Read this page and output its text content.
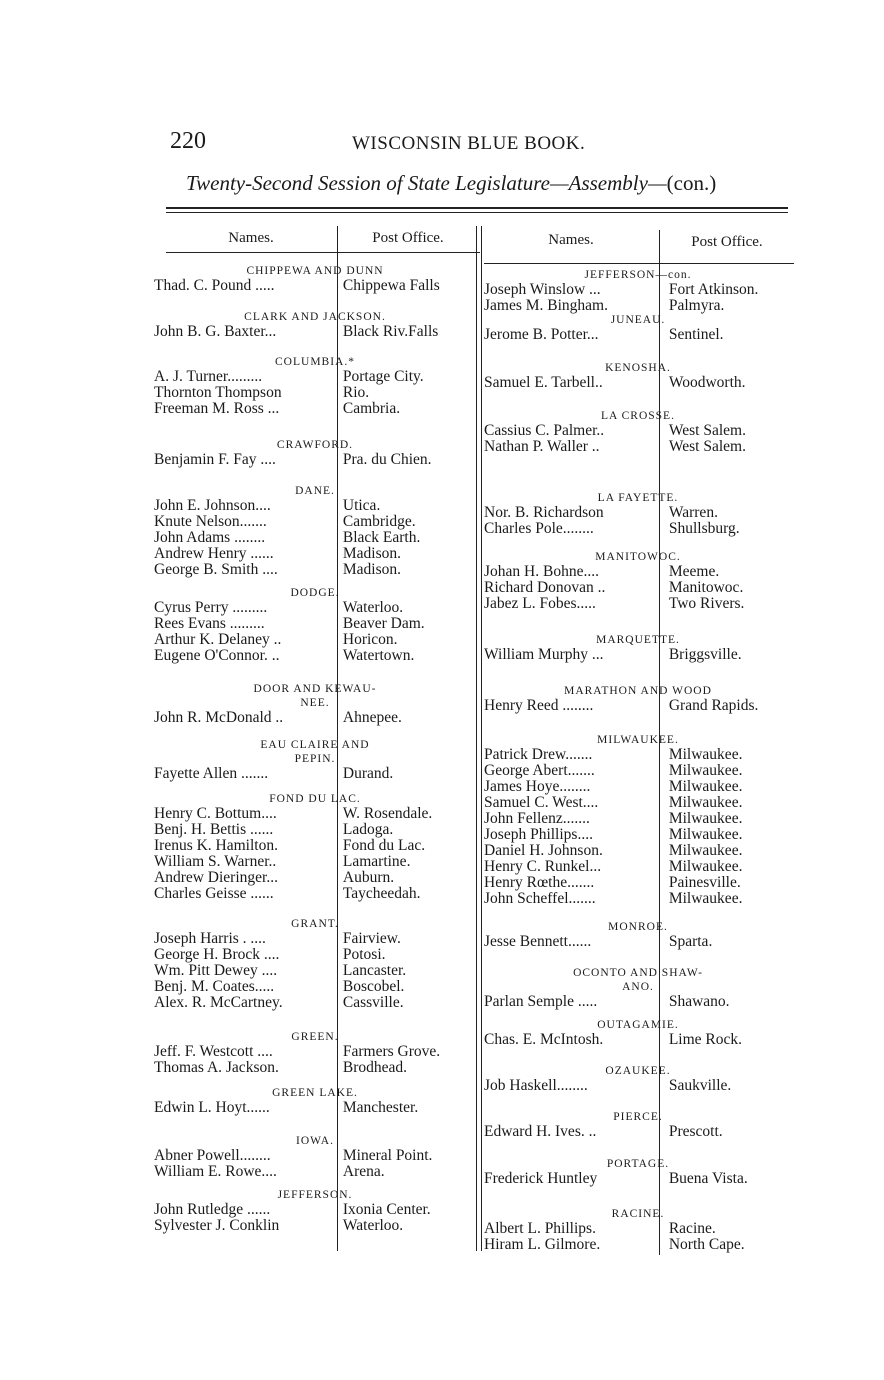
220	WISCONSIN BLUE BOOK.
Twenty-Second Session of State Legislature—Assembly—(con.)
Names.	Post Office.	Names.	Post Office.
CHIPPEWA AND DUNN
Thad. C. Pound .....	Chippewa Falls
CLARK AND JACKSON.
John B. G. Baxter...	Black Riv.Falls
COLUMBIA.*
A. J. Turner.........	Portage City.
Thornton Thompson	Rio.
Freeman M. Ross ...	Cambria.
CRAWFORD.
Benjamin F. Fay ....	Pra. du Chien.
DANE.
John E. Johnson....	Utica.
Knute Nelson.......	Cambridge.
John Adams ........	Black Earth.
Andrew Henry ......	Madison.
George B. Smith ....	Madison.
DODGE.
Cyrus Perry .........	Waterloo.
Rees Evans .........	Beaver Dam.
Arthur K. Delaney ..	Horicon.
Eugene O'Connor. ..	Watertown.
DOOR AND KEWAU-
NEE.
John R. McDonald ..	Ahnepee.
EAU CLAIRE AND
PEPIN.
Fayette Allen .......	Durand.
FOND DU LAC.
Henry C. Bottum....	W. Rosendale.
Benj. H. Bettis ......	Ladoga.
Irenus K. Hamilton.	Fond du Lac.
William S. Warner..	Lamartine.
Andrew Dieringer...	Auburn.
Charles Geisse ......	Taycheedah.
GRANT.
Joseph Harris . ....	Fairview.
George H. Brock ....	Potosi.
Wm. Pitt Dewey ....	Lancaster.
Benj. M. Coates.....	Boscobel.
Alex. R. McCartney.	Cassville.
GREEN.
Jeff. F. Westcott ....	Farmers Grove.
Thomas A. Jackson.	Brodhead.
GREEN LAKE.
Edwin L. Hoyt......	Manchester.
IOWA.
Abner Powell........	Mineral Point.
William E. Rowe....	Arena.
JEFFERSON.
John Rutledge ......	Ixonia Center.
Sylvester J. Conklin	Waterloo.
JEFFERSON—con.
Joseph Winslow ...	Fort Atkinson.
James M. Bingham.	Palmyra.
JUNEAU.
Jerome B. Potter...	Sentinel.
KENOSHA.
Samuel E. Tarbell..	Woodworth.
LA CROSSE.
Cassius C. Palmer..	West Salem.
Nathan P. Waller ..	West Salem.
LA FAYETTE.
Nor. B. Richardson	Warren.
Charles Pole........	Shullsburg.
MANITOWOC.
Johan H. Bohne....	Meeme.
Richard Donovan ..	Manitowoc.
Jabez L. Fobes.....	Two Rivers.
MARQUETTE.
William Murphy ...	Briggsville.
MARATHON AND WOOD
Henry Reed ........	Grand Rapids.
MILWAUKEE.
Patrick Drew.......	Milwaukee.
George Abert.......	Milwaukee.
James Hoye........	Milwaukee.
Samuel C. West....	Milwaukee.
John Fellenz.......	Milwaukee.
Joseph Phillips....	Milwaukee.
Daniel H. Johnson.	Milwaukee.
Henry C. Runkel...	Milwaukee.
Henry Rœthe.......	Painesville.
John Scheffel.......	Milwaukee.
MONROE.
Jesse Bennett......	Sparta.
OCONTO AND SHAW-
ANO.
Parlan Semple .....	Shawano.
OUTAGAMIE.
Chas. E. McIntosh.	Lime Rock.
OZAUKEE.
Job Haskell........	Saukville.
PIERCE.
Edward H. Ives. ..	Prescott.
PORTAGE.
Frederick Huntley	Buena Vista.
RACINE.
Albert L. Phillips.	Racine.
Hiram L. Gilmore.	North Cape.
